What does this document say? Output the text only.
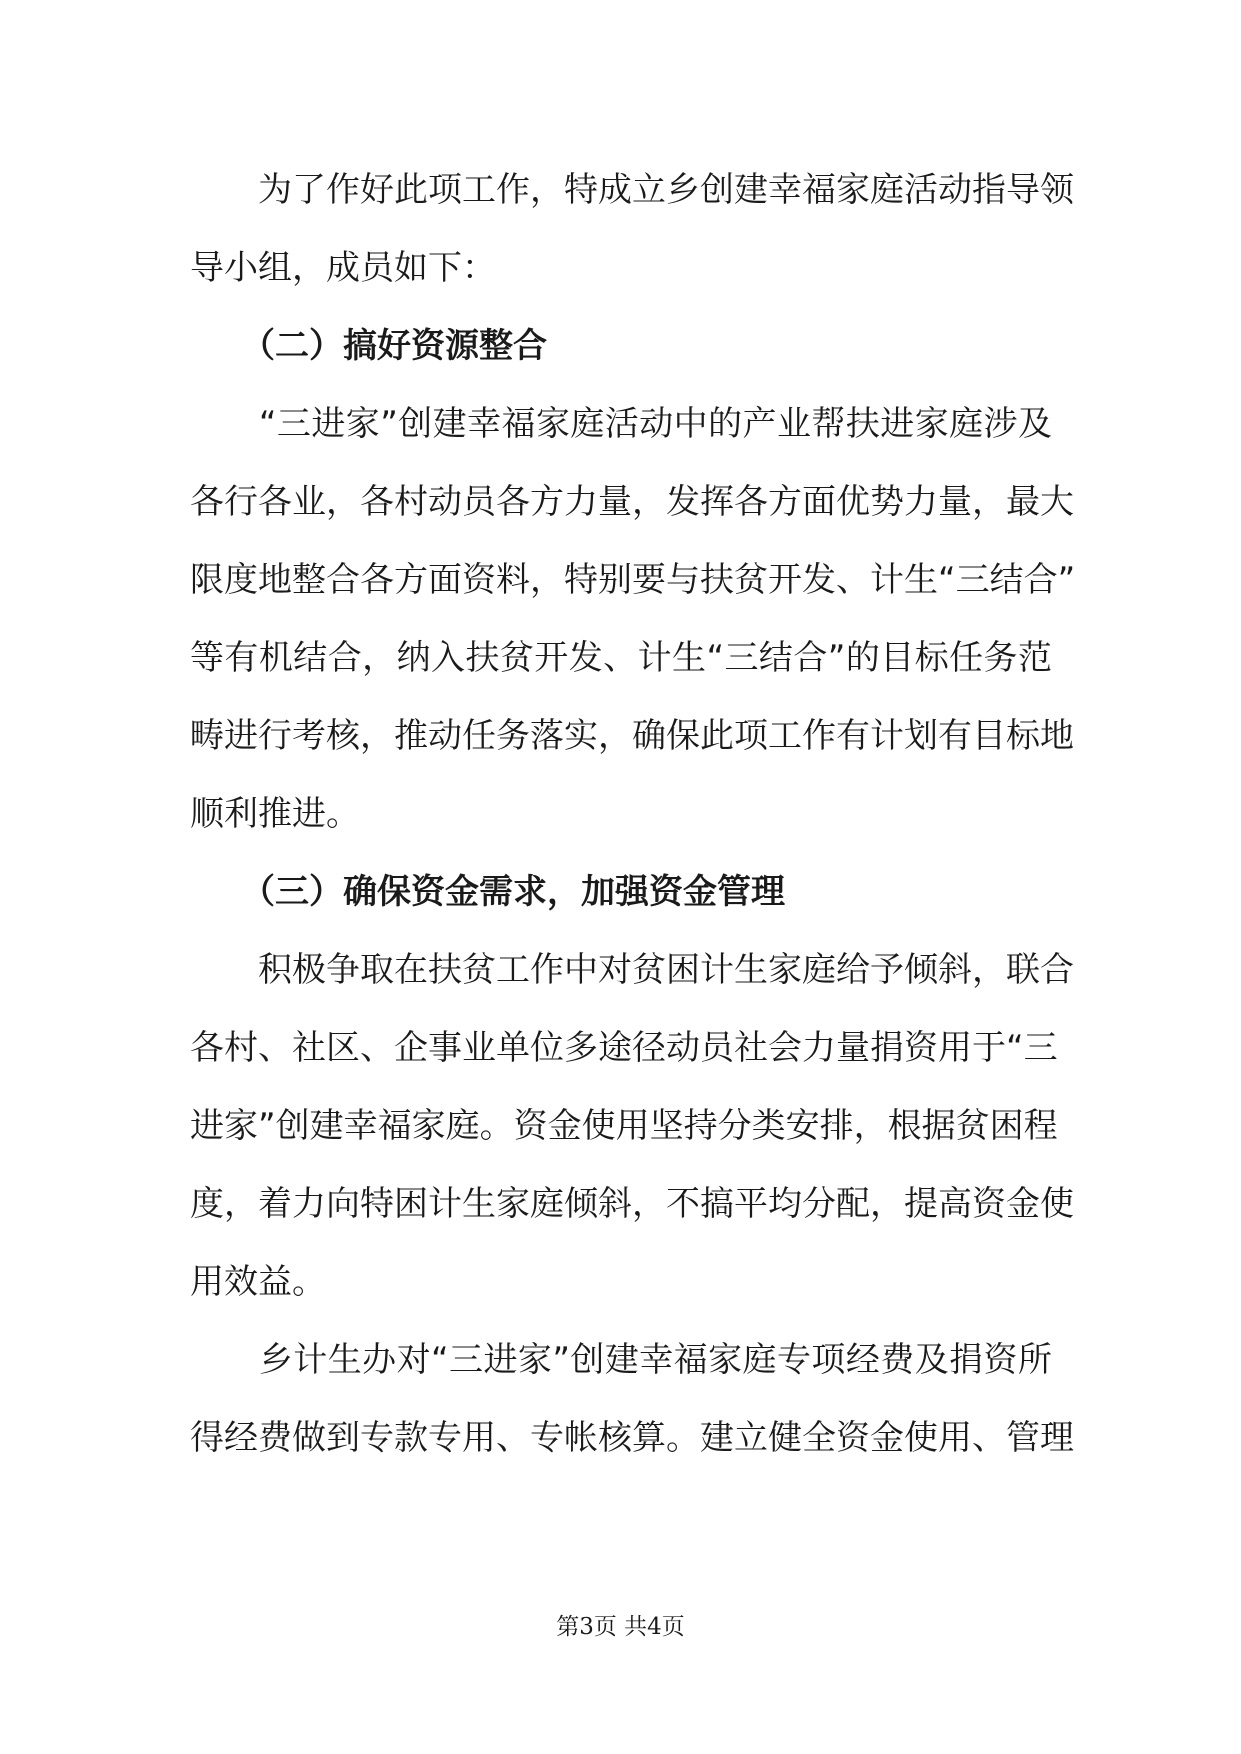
　　为了作好此项工作，特成立乡创建幸福家庭活动指导领
导小组，成员如下：
　　（二）搞好资源整合
　　“三进家”创建幸福家庭活动中的产业帮扶进家庭涉及
各行各业，各村动员各方力量，发挥各方面优势力量，最大
限度地整合各方面资料，特别要与扶贫开发、计生“三结合”
等有机结合，纳入扶贫开发、计生“三结合”的目标任务范
畴进行考核，推动任务落实，确保此项工作有计划有目标地
顺利推进。
　　（三）确保资金需求，加强资金管理
　　积极争取在扶贫工作中对贫困计生家庭给予倾斜，联合
各村、社区、企事业单位多途径动员社会力量捐资用于“三
进家”创建幸福家庭。资金使用坚持分类安排，根据贫困程
度，着力向特困计生家庭倾斜，不搞平均分配，提高资金使
用效益。
　　乡计生办对“三进家”创建幸福家庭专项经费及捐资所
得经费做到专款专用、专帐核算。建立健全资金使用、管理
第3页 共4页
